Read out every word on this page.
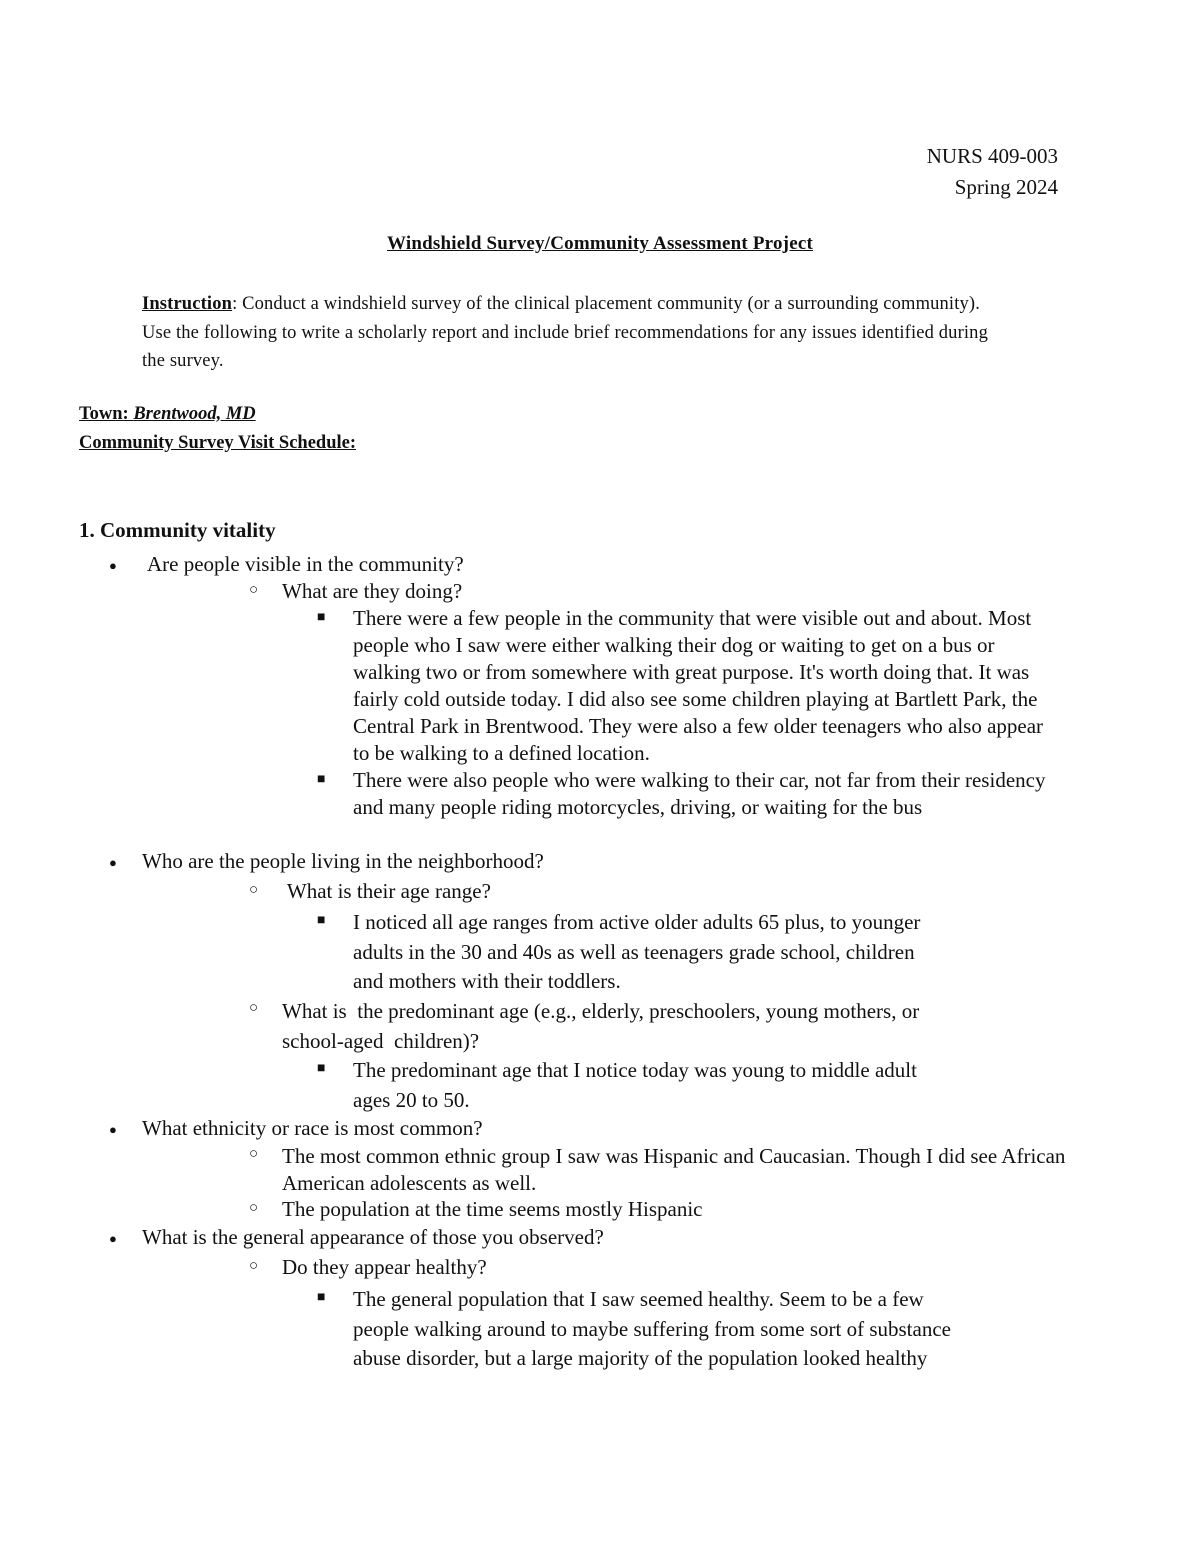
NURS 409-003
Spring 2024
Windshield Survey/Community Assessment Project
Instruction: Conduct a windshield survey of the clinical placement community (or a surrounding community). Use the following to write a scholarly report and include brief recommendations for any issues identified during the survey.
Town: Brentwood, MD
Community Survey Visit Schedule:
1. Community vitality
● Are people visible in the community?
○ What are they doing?
■ There were a few people in the community that were visible out and about. Most people who I saw were either walking their dog or waiting to get on a bus or walking two or from somewhere with great purpose. It's worth doing that. It was fairly cold outside today. I did also see some children playing at Bartlett Park, the Central Park in Brentwood. They were also a few older teenagers who also appear to be walking to a defined location.
■ There were also people who were walking to their car, not far from their residency and many people riding motorcycles, driving, or waiting for the bus
● Who are the people living in the neighborhood?
○ What is their age range?
■ I noticed all age ranges from active older adults 65 plus, to younger adults in the 30 and 40s as well as teenagers grade school, children and mothers with their toddlers.
○ What is  the predominant age (e.g., elderly, preschoolers, young mothers, or school-aged  children)?
■ The predominant age that I notice today was young to middle adult ages 20 to 50.
● What ethnicity or race is most common?
○ The most common ethnic group I saw was Hispanic and Caucasian. Though I did see African American adolescents as well.
○ The population at the time seems mostly Hispanic
● What is the general appearance of those you observed?
○ Do they appear healthy?
■ The general population that I saw seemed healthy. Seem to be a few people walking around to maybe suffering from some sort of substance abuse disorder, but a large majority of the population looked healthy
